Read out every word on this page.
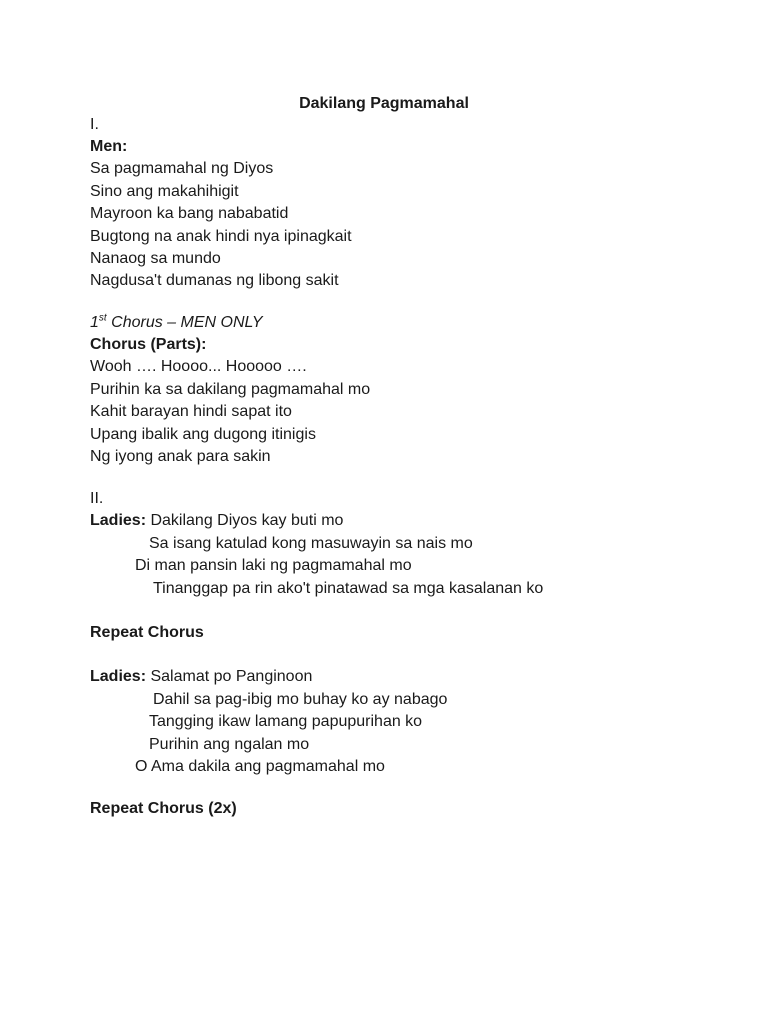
Dakilang Pagmamahal
I.
Men:
Sa pagmamahal ng Diyos
Sino ang makahihigit
Mayroon ka bang nababatid
Bugtong na anak hindi nya ipinagkait
Nanaog sa mundo
Nagdusa't dumanas ng libong sakit
1st Chorus – MEN ONLY
Chorus (Parts):
Wooh …. Hoooo... Hooooo ….
Purihin ka sa dakilang pagmamahal mo
Kahit barayan hindi sapat ito
Upang ibalik ang dugong itinigis
Ng iyong anak para sakin
II.
Ladies: Dakilang Diyos kay buti mo
Sa isang katulad kong masuwayin sa nais mo
Di man pansin laki ng pagmamahal mo
Tinanggap pa rin ako't pinatawad sa mga kasalanan ko
Repeat Chorus
Ladies: Salamat po Panginoon
Dahil sa pag-ibig mo buhay ko ay nabago
Tangging ikaw lamang papupurihan ko
Purihin ang ngalan mo
O Ama dakila ang pagmamahal mo
Repeat Chorus (2x)
